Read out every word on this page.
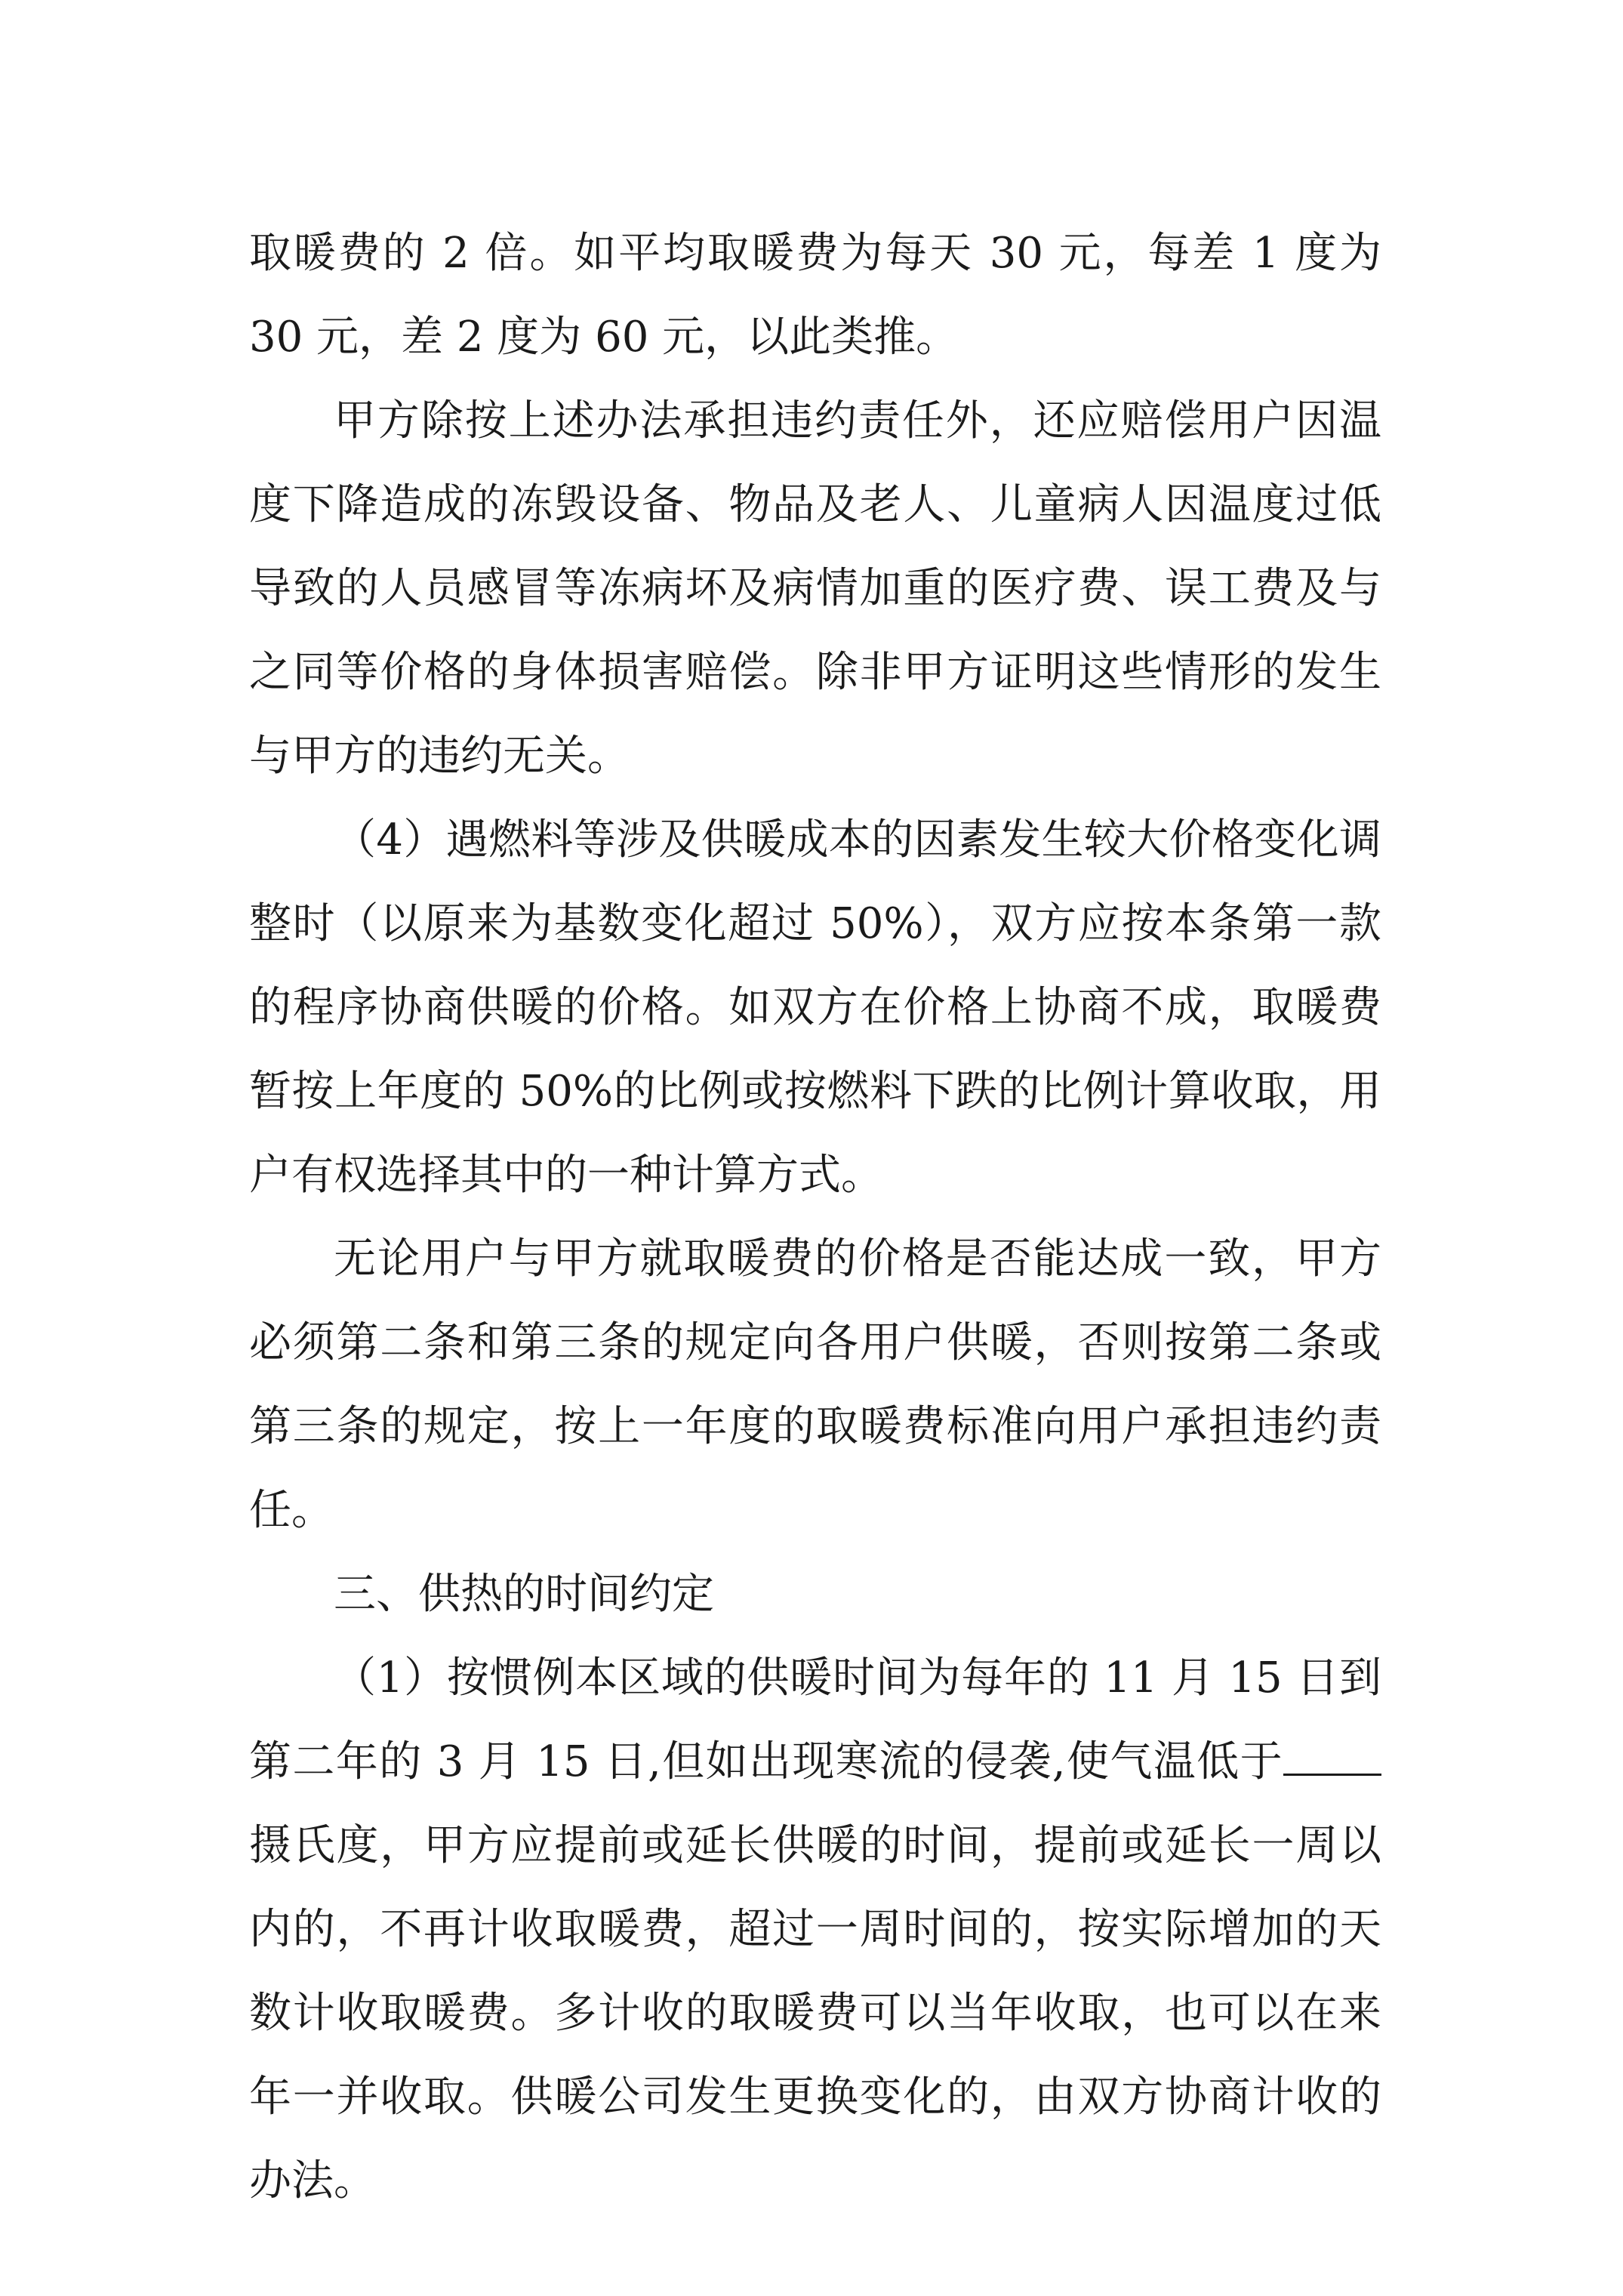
取暖费的 2 倍。如平均取暖费为每天 30 元，每差 1 度为 30 元，差 2 度为 60 元，以此类推。

甲方除按上述办法承担违约责任外，还应赔偿用户因温度下降造成的冻毁设备、物品及老人、儿童病人因温度过低导致的人员感冒等冻病坏及病情加重的医疗费、误工费及与之同等价格的身体损害赔偿。除非甲方证明这些情形的发生与甲方的违约无关。

（4）遇燃料等涉及供暖成本的因素发生较大价格变化调整时（以原来为基数变化超过 50%），双方应按本条第一款的程序协商供暖的价格。如双方在价格上协商不成，取暖费暂按上年度的 50%的比例或按燃料下跌的比例计算收取，用户有权选择其中的一种计算方式。

无论用户与甲方就取暖费的价格是否能达成一致，甲方必须第二条和第三条的规定向各用户供暖，否则按第二条或第三条的规定，按上一年度的取暖费标准向用户承担违约责任。

三、供热的时间约定

（1）按惯例本区域的供暖时间为每年的 11 月 15 日到第二年的 3 月 15 日,但如出现寒流的侵袭,使气温低于摄氏度，甲方应提前或延长供暖的时间，提前或延长一周以内的，不再计收取暖费，超过一周时间的，按实际增加的天数计收取暖费。多计收的取暖费可以当年收取，也可以在来年一并收取。供暖公司发生更换变化的，由双方协商计收的办法。
